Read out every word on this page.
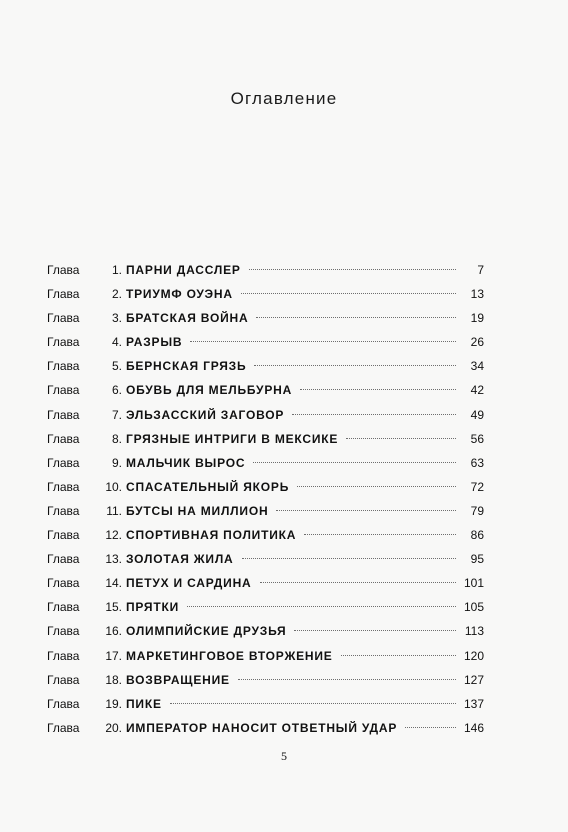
Оглавление
Глава	1. ПАРНИ ДАССЛЕР	7
Глава	2. ТРИУМФ ОУЭНА	13
Глава	3. БРАТСКАЯ ВОЙНА	19
Глава	4. РАЗРЫВ	26
Глава	5. БЕРНСКАЯ ГРЯЗЬ	34
Глава	6. ОБУВЬ ДЛЯ МЕЛЬБУРНА	42
Глава	7. ЭЛЬЗАССКИЙ ЗАГОВОР	49
Глава	8. ГРЯЗНЫЕ ИНТРИГИ В МЕКСИКЕ	56
Глава	9. МАЛЬЧИК ВЫРОС	63
Глава	10. СПАСАТЕЛЬНЫЙ ЯКОРЬ	72
Глава	11. БУТСЫ НА МИЛЛИОН	79
Глава	12. СПОРТИВНАЯ ПОЛИТИКА	86
Глава	13. ЗОЛОТАЯ ЖИЛА	95
Глава	14. ПЕТУХ И САРДИНА	101
Глава	15. ПРЯТКИ	105
Глава	16. ОЛИМПИЙСКИЕ ДРУЗЬЯ	113
Глава	17. МАРКЕТИНГОВОЕ ВТОРЖЕНИЕ	120
Глава	18. ВОЗВРАЩЕНИЕ	127
Глава	19. ПИКЕ	137
Глава	20. ИМПЕРАТОР НАНОСИТ ОТВЕТНЫЙ УДАР	146
5
